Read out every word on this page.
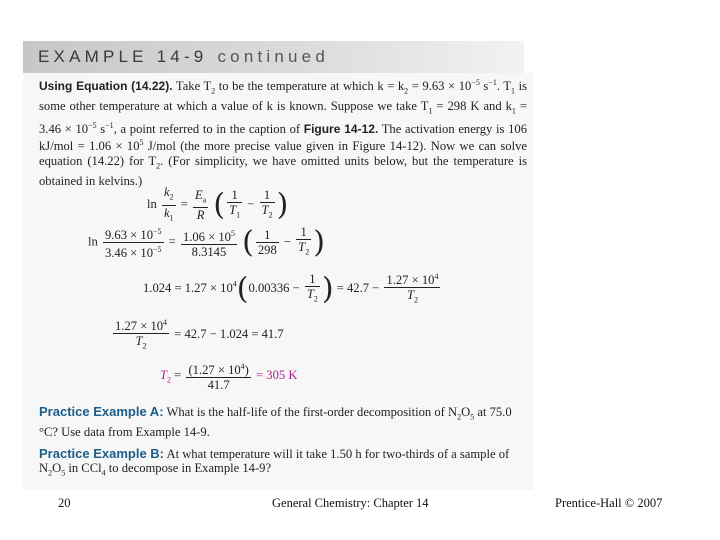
EXAMPLE 14-9 continued
Using Equation (14.22). Take $T_2$ to be the temperature at which $k = k_2 = 9.63 \times 10^{-5}$ $s^{-1}$. $T_1$ is some other temperature at which a value of k is known. Suppose we take $T_1 = 298$ K and $k_1 = 3.46 \times 10^{-5}$ $s^{-1}$, a point referred to in the caption of Figure 14-12. The activation energy is 106 $kJ/mol = 1.06 \times 10^5$ J/mol (the more precise value given in Figure 14-12). Now we can solve equation (14.22) for $T_2$. (For simplicity, we have omitted units below, but the temperature is obtained in kelvins.)
$\ln \frac{k_2}{k_1} = \frac{E_a}{R}$ ( $\frac{1}{T_1} - \frac{1}{T_2}$ )
$\ln \frac{9.63 \times 10^{-5}}{3.46 \times 10^{-5}} = \frac{1.06 \times 10^5}{8.3145}$ ( $\frac{1}{298} - \frac{1}{T_2}$ )
$1.024 = 1.27 \times 10^4(0.00336 - \frac{1}{T_2}$ ) = $42.7 - \frac{1.27 \times 10^4}{T_2}$
$\frac{1.27 \times 10^4}{T_2} = 42.7 - 1.024 = 41.7$
$T_2 = \frac{(1.27 \times 10^4)}{41.7} = 305$ K
Practice Example A: What is the half-life of the first-order decomposition of $N_2O_5$ at 75.0 °C? Use data from Example 14-9.
Practice Example B: At what temperature will it take 1.50 h for two-thirds of a sample of $N_2O_5$ in CCl$_4$ to decompose in Example 14-9?
20	General Chemistry: Chapter 14	Prentice-Hall © 2007
